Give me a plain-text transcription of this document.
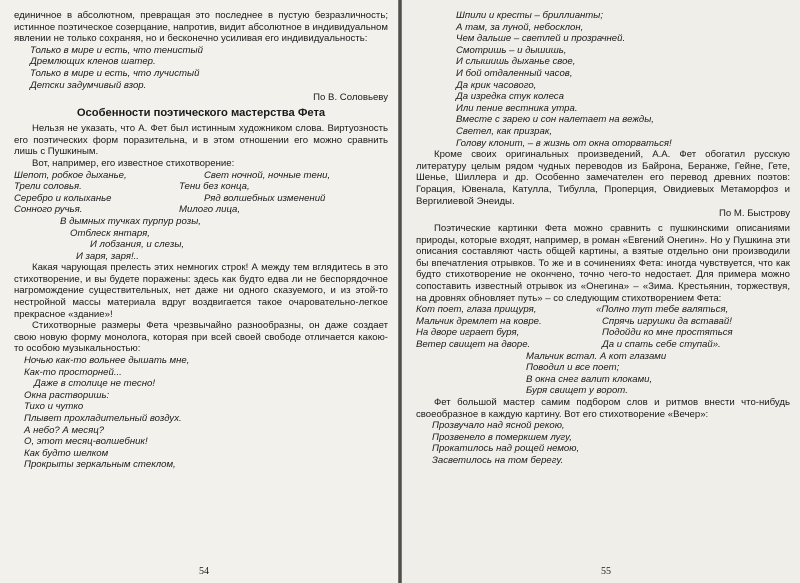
единичное в абсолютном, превращая это последнее в пустую безразличность; истинное поэтическое созерцание, напротив, видит абсолютное в индивидуальном явлении не только сохраняя, но и бесконечно усиливая его индивидуальность:

Только в мире и есть, что тенистый
Дремлющих кленов шатер.
Только в мире и есть, что лучистый
Детски задумчивый взор.
По В. Соловьеву
Особенности поэтического мастерства Фета

Нельзя не указать, что А. Фет был истинным художником слова. Виртуозность его поэтических форм поразительна, и в этом отношении его можно сравнить лишь с Пушкиным.

Вот, например, его известное стихотворение:

Шепот, робкое дыханье,	Свет ночной, ночные тени,
Трели соловья.	Тени без конца,
Серебро и колыханье	Ряд волшебных изменений
Сонного ручья.	Милого лица,
В дымных тучках пурпур розы,
Отблеск янтаря,
И лобзания, и слезы,
И заря, заря!..

Какая чарующая прелесть этих немногих строк! А между тем вглядитесь в это стихотворение, и вы будете поражены: здесь как будто едва ли не беспорядочное нагромождение существительных, нет даже ни одного сказуемого, и из этой-то нестройной массы материала вдруг воздвигается такое очаровательно-легкое прекрасное «здание»!

Стихотворные размеры Фета чрезвычайно разнообразны, он даже создает свою новую форму монолога, которая при всей своей свободе отличается какою-то особою музыкальностью:

Ночью как-то вольнее дышать мне,
Как-то просторней...
Даже в столице не тесно!
Окна растворишь:
Тихо и чутко
Плывет прохладительный воздух.
А небо? А месяц?
О, этот месяц-волшебник!
Как будто шелком
Прокрыты зеркальным стеклом,
54
Шпили и кресты – бриллианты;
А там, за луной, небосклон,
Чем дальше – светлей и прозрачней.
Смотришь – и дышишь,
И слышишь дыханье свое,
И бой отдаленный часов,
Да крик часового,
Да изредка стук колеса
Или пение вестника утра.
Вместе с зарею и сон налетает на вежды,
Светел, как призрак,
Голову клонит, – в жизнь от окна оторваться!

Кроме своих оригинальных произведений, А.А. Фет обогатил русскую литературу целым рядом чудных переводов из Байрона, Беранже, Гейне, Гете, Шенье, Шиллера и др. Особенно замечателен его перевод древних поэтов: Горация, Ювенала, Катулла, Тибулла, Проперция, Овидиевых Метаморфоз и Вергилиевой Энеиды.

По М. Быстрову

Поэтические картинки Фета можно сравнить с пушкинскими описаниями природы, которые входят, например, в роман «Евгений Онегин». Но у Пушкина эти описания составляют часть общей картины, а взятые отдельно они производили бы впечатления отрывков. То же и в сочинениях Фета: иногда чувствуется, что как будто стихотворение не окончено, точно чего-то недостает. Для примера можно сопоставить известный отрывок из «Онегина» – «Зима. Крестьянин, торжествуя, на дровнях обновляет путь» – со следующим стихотворением Фета:

Кот поет, глаза прищуря,	«Полно тут тебе валяться,
Мальчик дремлет на ковре.	Спрячь игрушки да вставай!
На дворе играет буря,	Подойди ко мне простяться
Ветер свищет на дворе.	Да и спать себе ступай».
Мальчик встал. А кот глазами
Поводил и все поет;
В окна снег валит клоками,
Буря свищет у ворот.

Фет большой мастер самим подбором слов и ритмов внести что-нибудь своеобразное в каждую картину. Вот его стихотворение «Вечер»:

Прозвучало над ясной рекою,
Прозвенело в померкшем лугу,
Прокатилось над рощей немою,
Засветилось на том берегу.
55
